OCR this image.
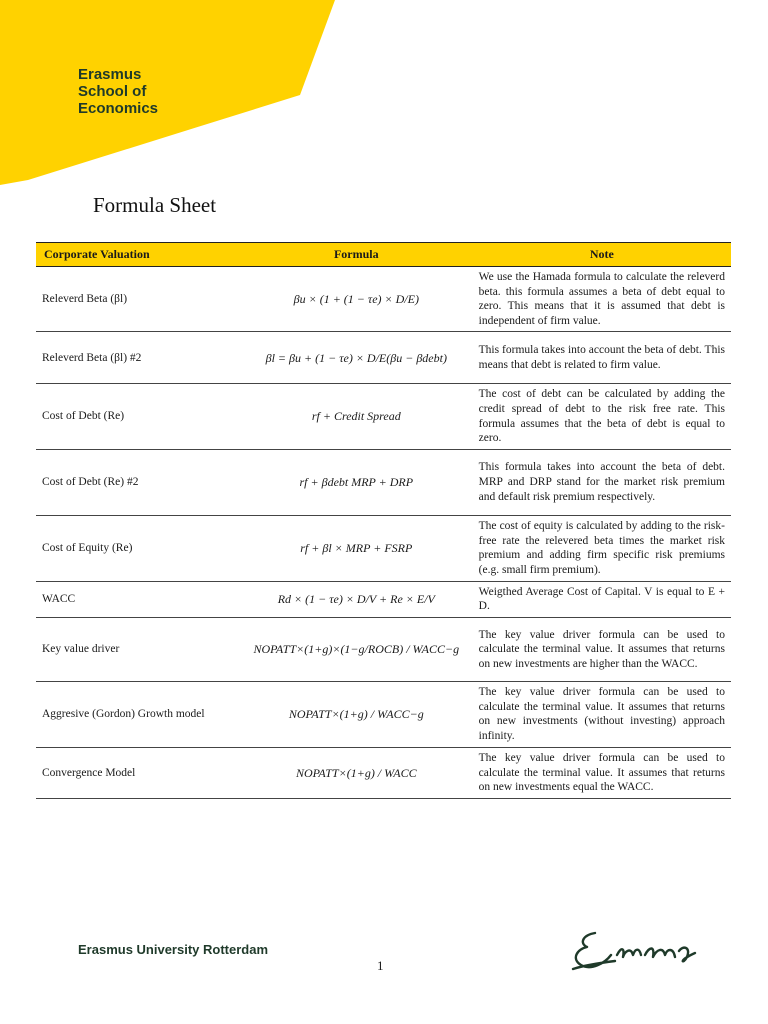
Erasmus
School of
Economics
Formula Sheet
Corporate Valuation	Formula	Note
Releverd Beta (βl)	βu × (1 + (1 − τe) × D/E)	We use the Hamada formula to calculate the releverd beta. this formula assumes a beta of debt equal to zero. This means that it is assumed that debt is independent of firm value.
Releverd Beta (βl) #2	βl = βu + (1 − τe) × D/E(βu − βdebt)	This formula takes into account the beta of debt. This means that debt is related to firm value.
Cost of Debt (Re)	rf + Credit Spread	The cost of debt can be calculated by adding the credit spread of debt to the risk free rate. This formula assumes that the beta of debt is equal to zero.
Cost of Debt (Re) #2	rf + βdebt MRP + DRP	This formula takes into account the beta of debt. MRP and DRP stand for the market risk premium and default risk premium respectively.
Cost of Equity (Re)	rf + βl × MRP + FSRP	The cost of equity is calculated by adding to the risk-free rate the relevered beta times the market risk premium and adding firm specific risk premiums (e.g. small firm premium).
WACC	Rd × (1 − τe) × D/V + Re × E/V	Weigthed Average Cost of Capital. V is equal to E + D.
Key value driver	NOPATT×(1+g)×(1−g/ROCB) / WACC−g	The key value driver formula can be used to calculate the terminal value. It assumes that returns on new investments are higher than the WACC.
Aggresive (Gordon) Growth model	NOPATT×(1+g) / WACC−g	The key value driver formula can be used to calculate the terminal value. It assumes that returns on new investments (without investing) approach infinity.
Convergence Model	NOPATT×(1+g) / WACC	The key value driver formula can be used to calculate the terminal value. It assumes that returns on new investments equal the WACC.
Erasmus University Rotterdam
1
